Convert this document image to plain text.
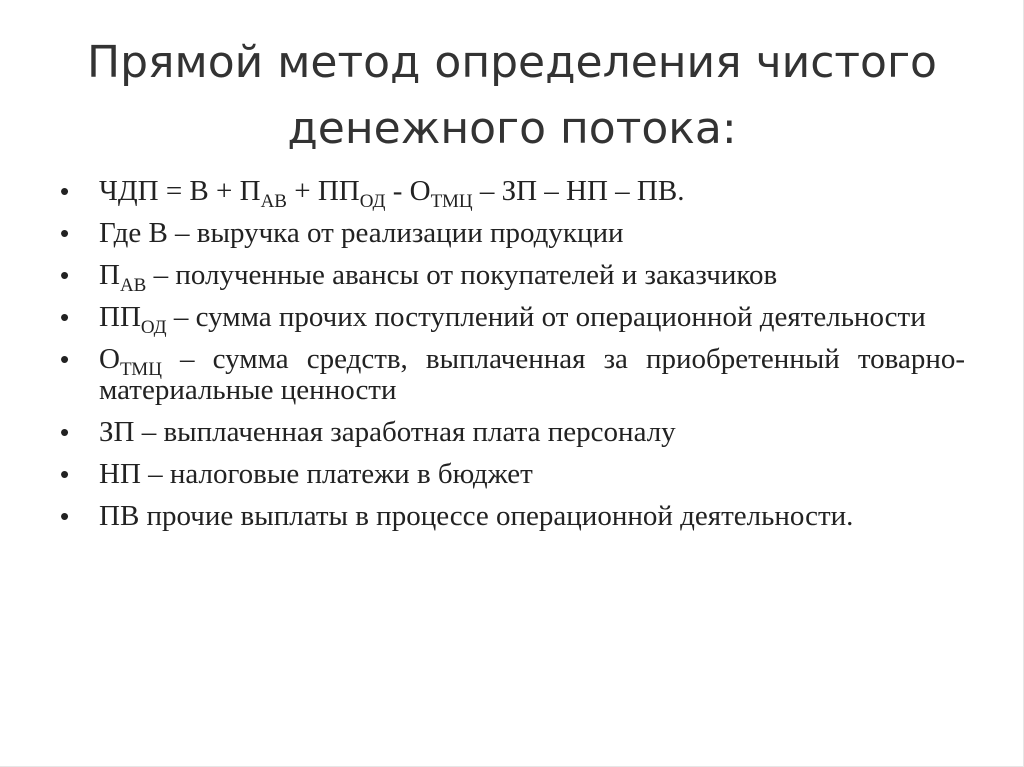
Прямой метод определения чистого
денежного потока:
• ЧДП = $В + П_{АВ} + ПП_{ОД} - О_{ТМЦ}$ – ЗП – НП – ПВ.
• Где В – выручка от реализации продукции
• $П_{АВ}$ – полученные авансы от покупателей и заказчиков
• $ПП_{ОД}$ – сумма прочих поступлений от операционной деятельности
• $О_{ТМЦ}$ – сумма средств, выплаченная за приобретенный товарно-материальные ценности
• ЗП – выплаченная заработная плата персоналу
• НП – налоговые платежи в бюджет
• ПВ прочие выплаты в процессе операционной деятельности.
